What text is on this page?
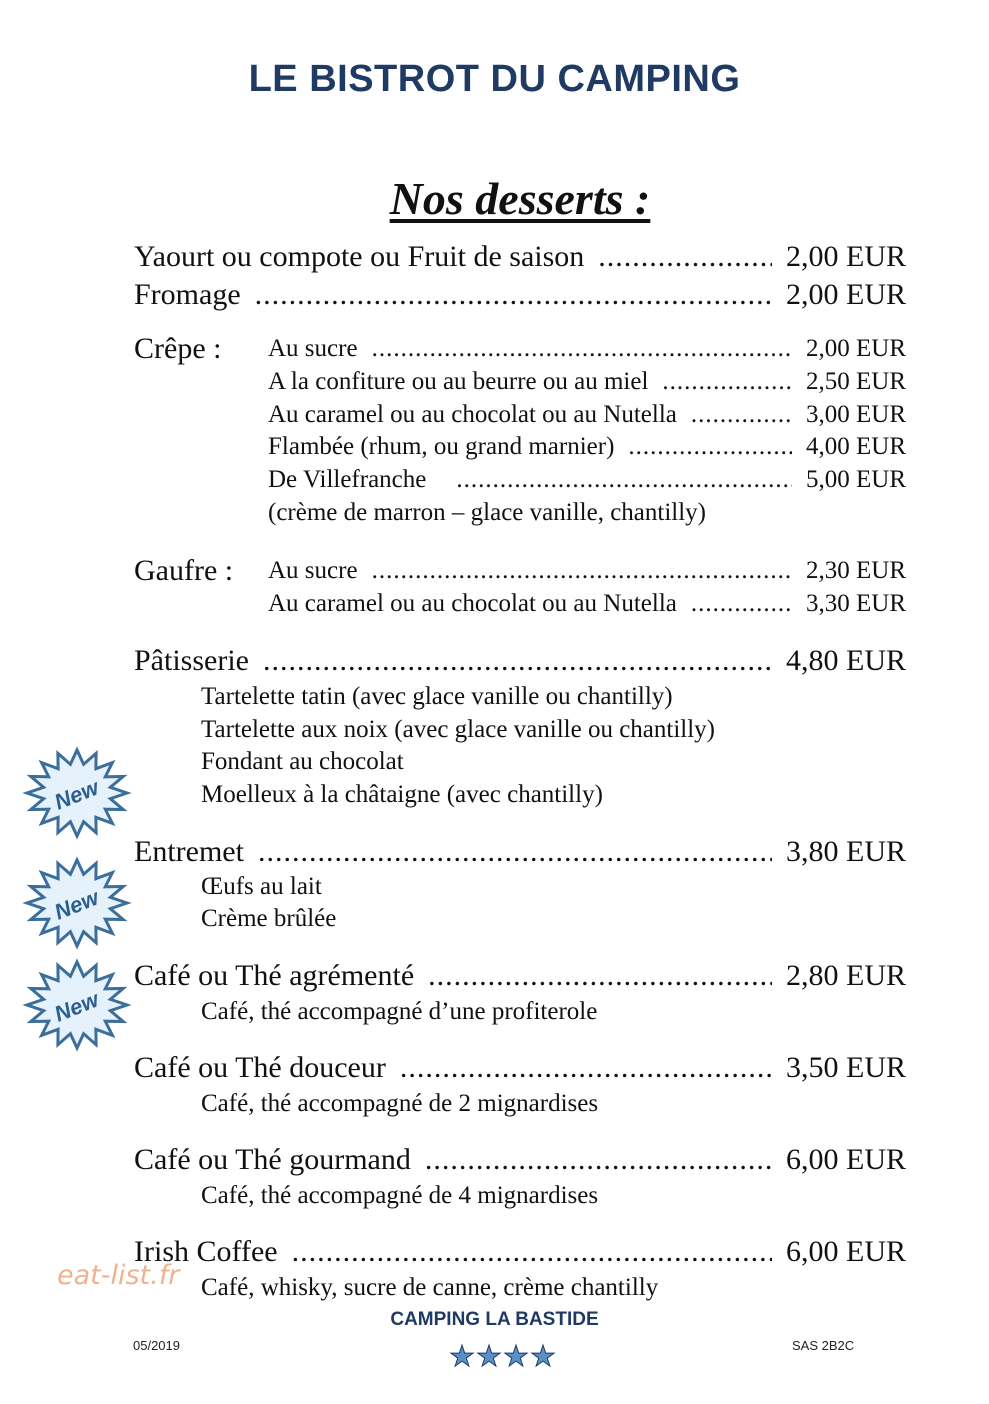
LE BISTROT DU CAMPING
Nos desserts :
Yaourt ou compote ou Fruit de saison .....	2,00 EUR
Fromage .....	2,00 EUR
Crêpe : Au sucre .....	2,00 EUR
A la confiture ou au beurre ou au miel .....	2,50 EUR
Au caramel ou au chocolat ou au Nutella .....	3,00 EUR
Flambée (rhum, ou grand marnier) .....	4,00 EUR
De Villefranche .....	5,00 EUR
(crème de marron – glace vanille, chantilly)
Gaufre : Au sucre .....	2,30 EUR
Au caramel ou au chocolat ou au Nutella .....	3,30 EUR
Pâtisserie .....	4,80 EUR
Tartelette tatin (avec glace vanille ou chantilly)
Tartelette aux noix (avec glace vanille ou chantilly)
Fondant au chocolat
Moelleux à la châtaigne (avec chantilly)
Entremet .....	3,80 EUR
Œufs au lait
Crème brûlée
Café ou Thé agrémenté .....	2,80 EUR
Café, thé accompagné d’une profiterole
Café ou Thé douceur .....	3,50 EUR
Café, thé accompagné de 2 mignardises
Café ou Thé gourmand .....	6,00 EUR
Café, thé accompagné de 4 mignardises
Irish Coffee .....	6,00 EUR
Café, whisky, sucre de canne, crème chantilly
New
New
New
eat-list.fr
CAMPING LA BASTIDE
★★★★
05/2019	SAS 2B2C
